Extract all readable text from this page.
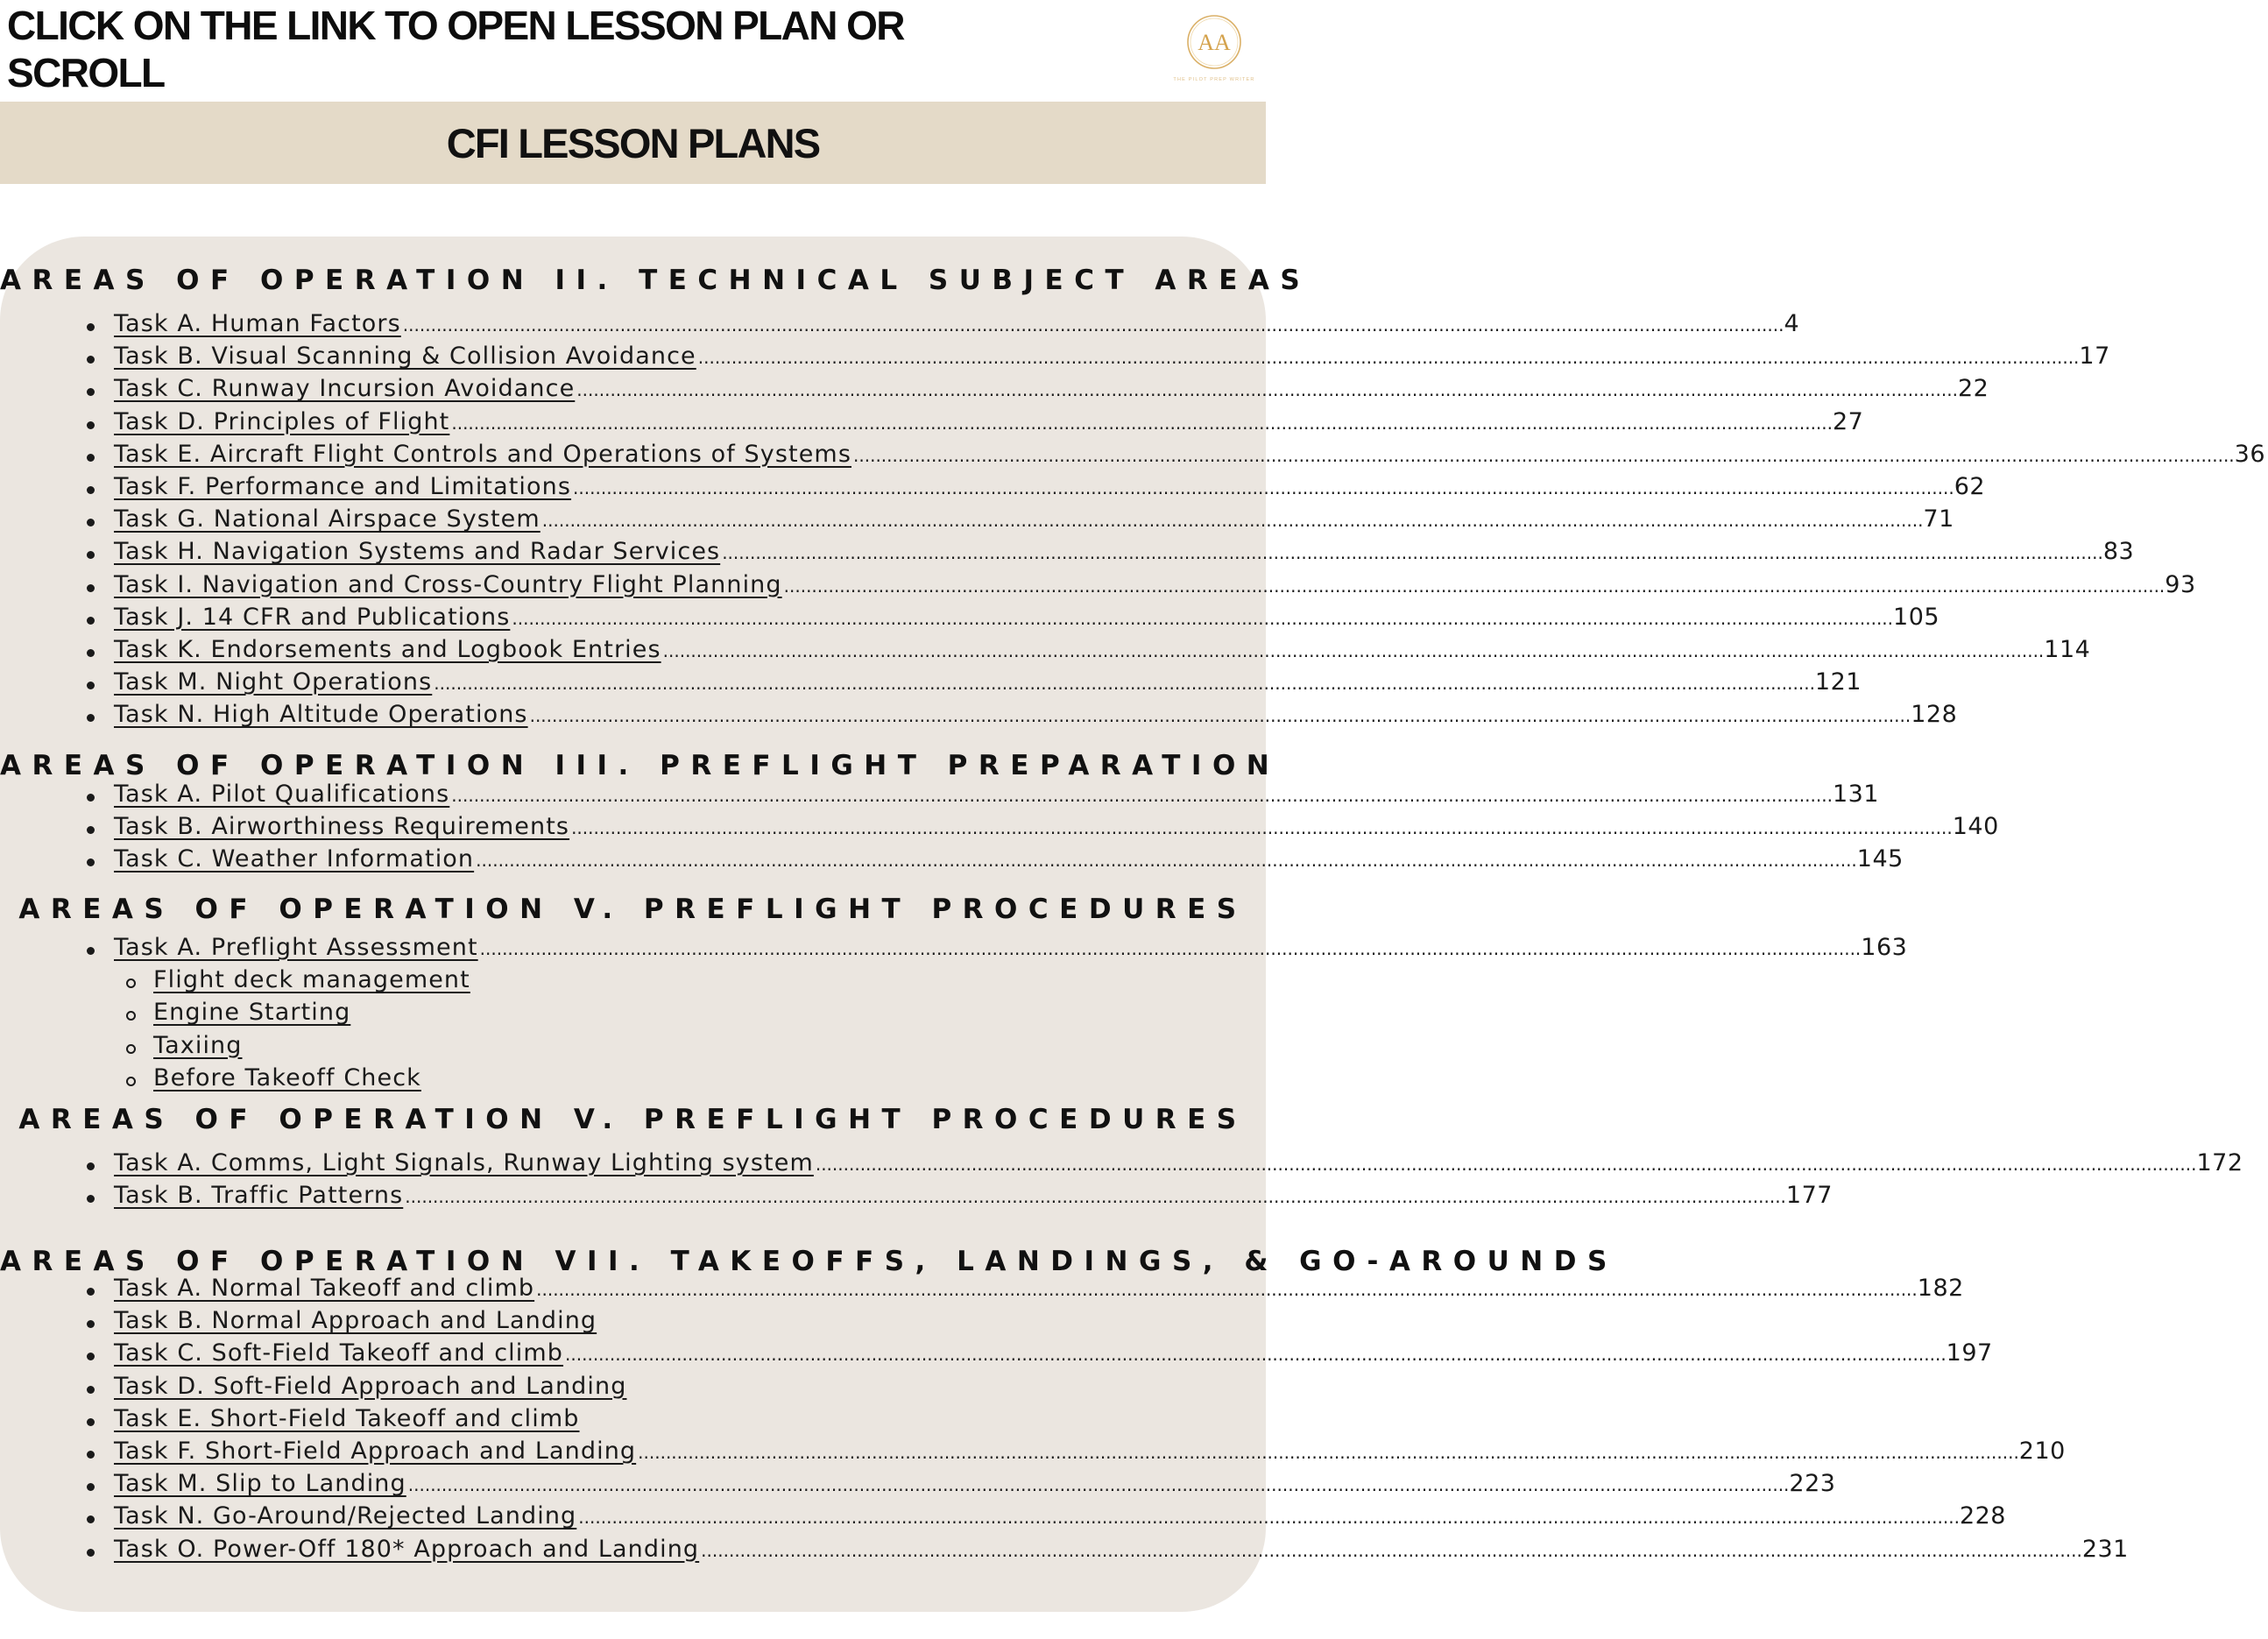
CLICK ON THE LINK TO OPEN LESSON PLAN OR SCROLL
AA
THE PILOT PREP WRITER
CFI LESSON PLANS
AREAS OF OPERATION II. TECHNICAL SUBJECT AREAS
Task A. Human Factors .....	4
Task B. Visual Scanning & Collision Avoidance .....	17
Task C. Runway Incursion Avoidance .....	22
Task D. Principles of Flight .....	27
Task E. Aircraft Flight Controls and Operations of Systems .....	36
Task F. Performance and Limitations .....	62
Task G. National Airspace System .....	71
Task H. Navigation Systems and Radar Services .....	83
Task I. Navigation and Cross-Country Flight Planning .....	93
Task J. 14 CFR and Publications .....	105
Task K. Endorsements and Logbook Entries .....	114
Task M. Night Operations .....	121
Task N. High Altitude Operations .....	128
AREAS OF OPERATION III. PREFLIGHT PREPARATION
Task A. Pilot Qualifications .....	131
Task B. Airworthiness Requirements .....	140
Task C. Weather Information .....	145
AREAS OF OPERATION V. PREFLIGHT PROCEDURES
Task A. Preflight Assessment .....	163
Flight deck management
Engine Starting
Taxiing
Before Takeoff Check
AREAS OF OPERATION V. PREFLIGHT PROCEDURES
Task A. Comms, Light Signals, Runway Lighting system .....	172
Task B. Traffic Patterns .....	177
AREAS OF OPERATION VII. TAKEOFFS, LANDINGS, & GO-AROUNDS
Task A. Normal Takeoff and climb .....	182
Task B. Normal Approach and Landing
Task C. Soft-Field Takeoff and climb .....	197
Task D. Soft-Field Approach and Landing
Task E. Short-Field Takeoff and climb
Task F. Short-Field Approach and Landing .....	210
Task M. Slip to Landing .....	223
Task N. Go-Around/Rejected Landing .....	228
Task O. Power-Off 180* Approach and Landing .....	231
